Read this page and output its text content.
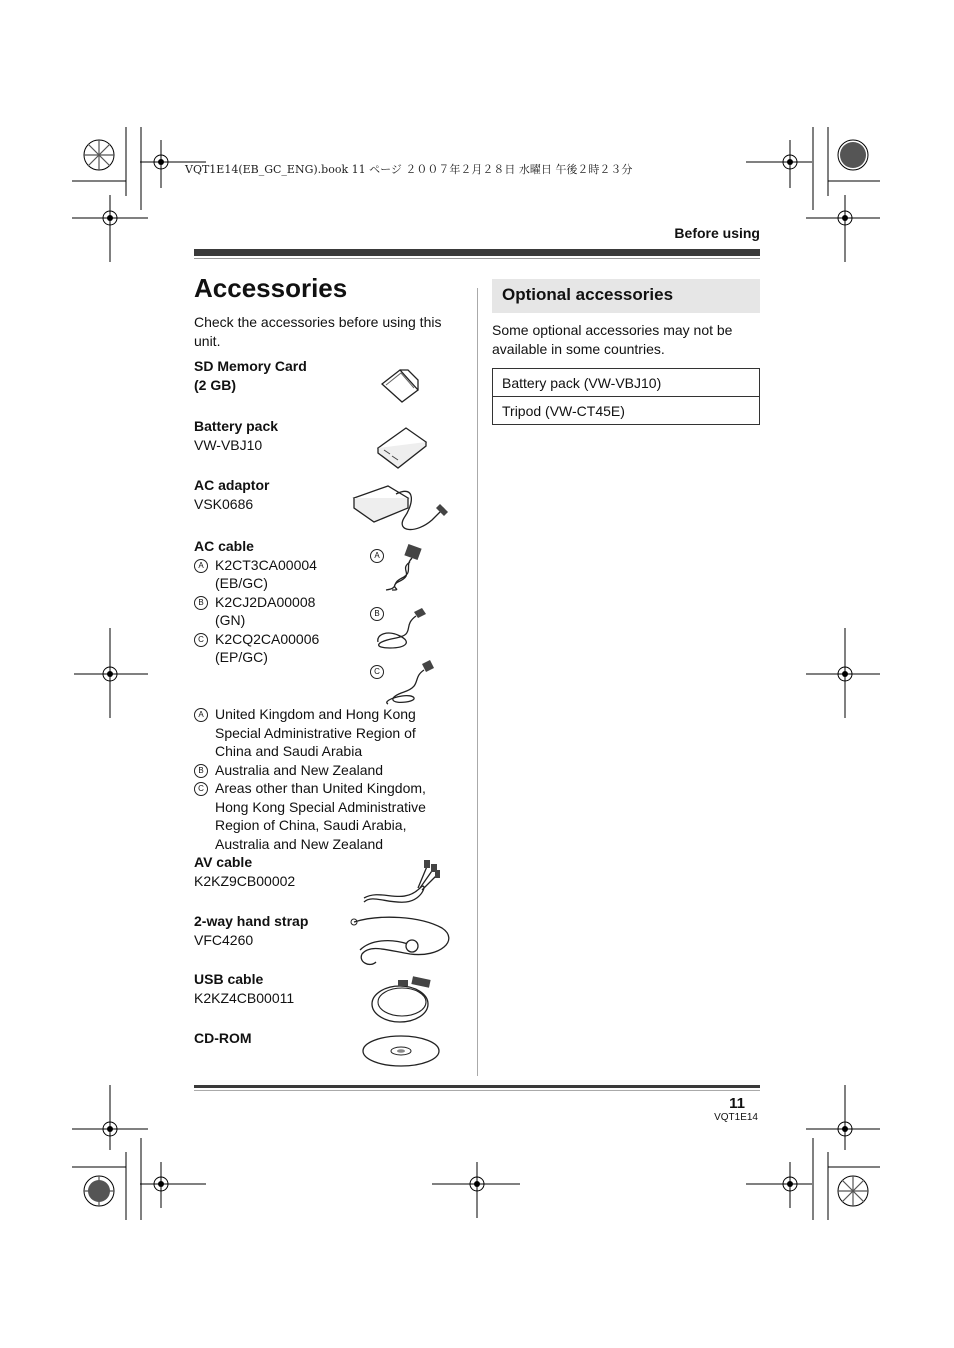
VQT1E14(EB_GC_ENG).book 11 ページ ２００７年２月２８日 水曜日 午後２時２３分
Before using
Accessories
Check the accessories before using this unit.
SD Memory Card
(2 GB)
Battery pack
VW-VBJ10
AC adaptor
VSK0686
AC cable
A K2CT3CA00004
(EB/GC)
B K2CJ2DA00008
(GN)
C K2CQ2CA00006
(EP/GC)
A
B
C
A United Kingdom and Hong Kong Special Administrative Region of China and Saudi Arabia
B Australia and New Zealand
C Areas other than United Kingdom, Hong Kong Special Administrative Region of China, Saudi Arabia, Australia and New Zealand
AV cable
K2KZ9CB00002
2-way hand strap
VFC4260
USB cable
K2KZ4CB00011
CD-ROM
Optional accessories
Some optional accessories may not be available in some countries.
Battery pack (VW-VBJ10)
Tripod (VW-CT45E)
11
VQT1E14
